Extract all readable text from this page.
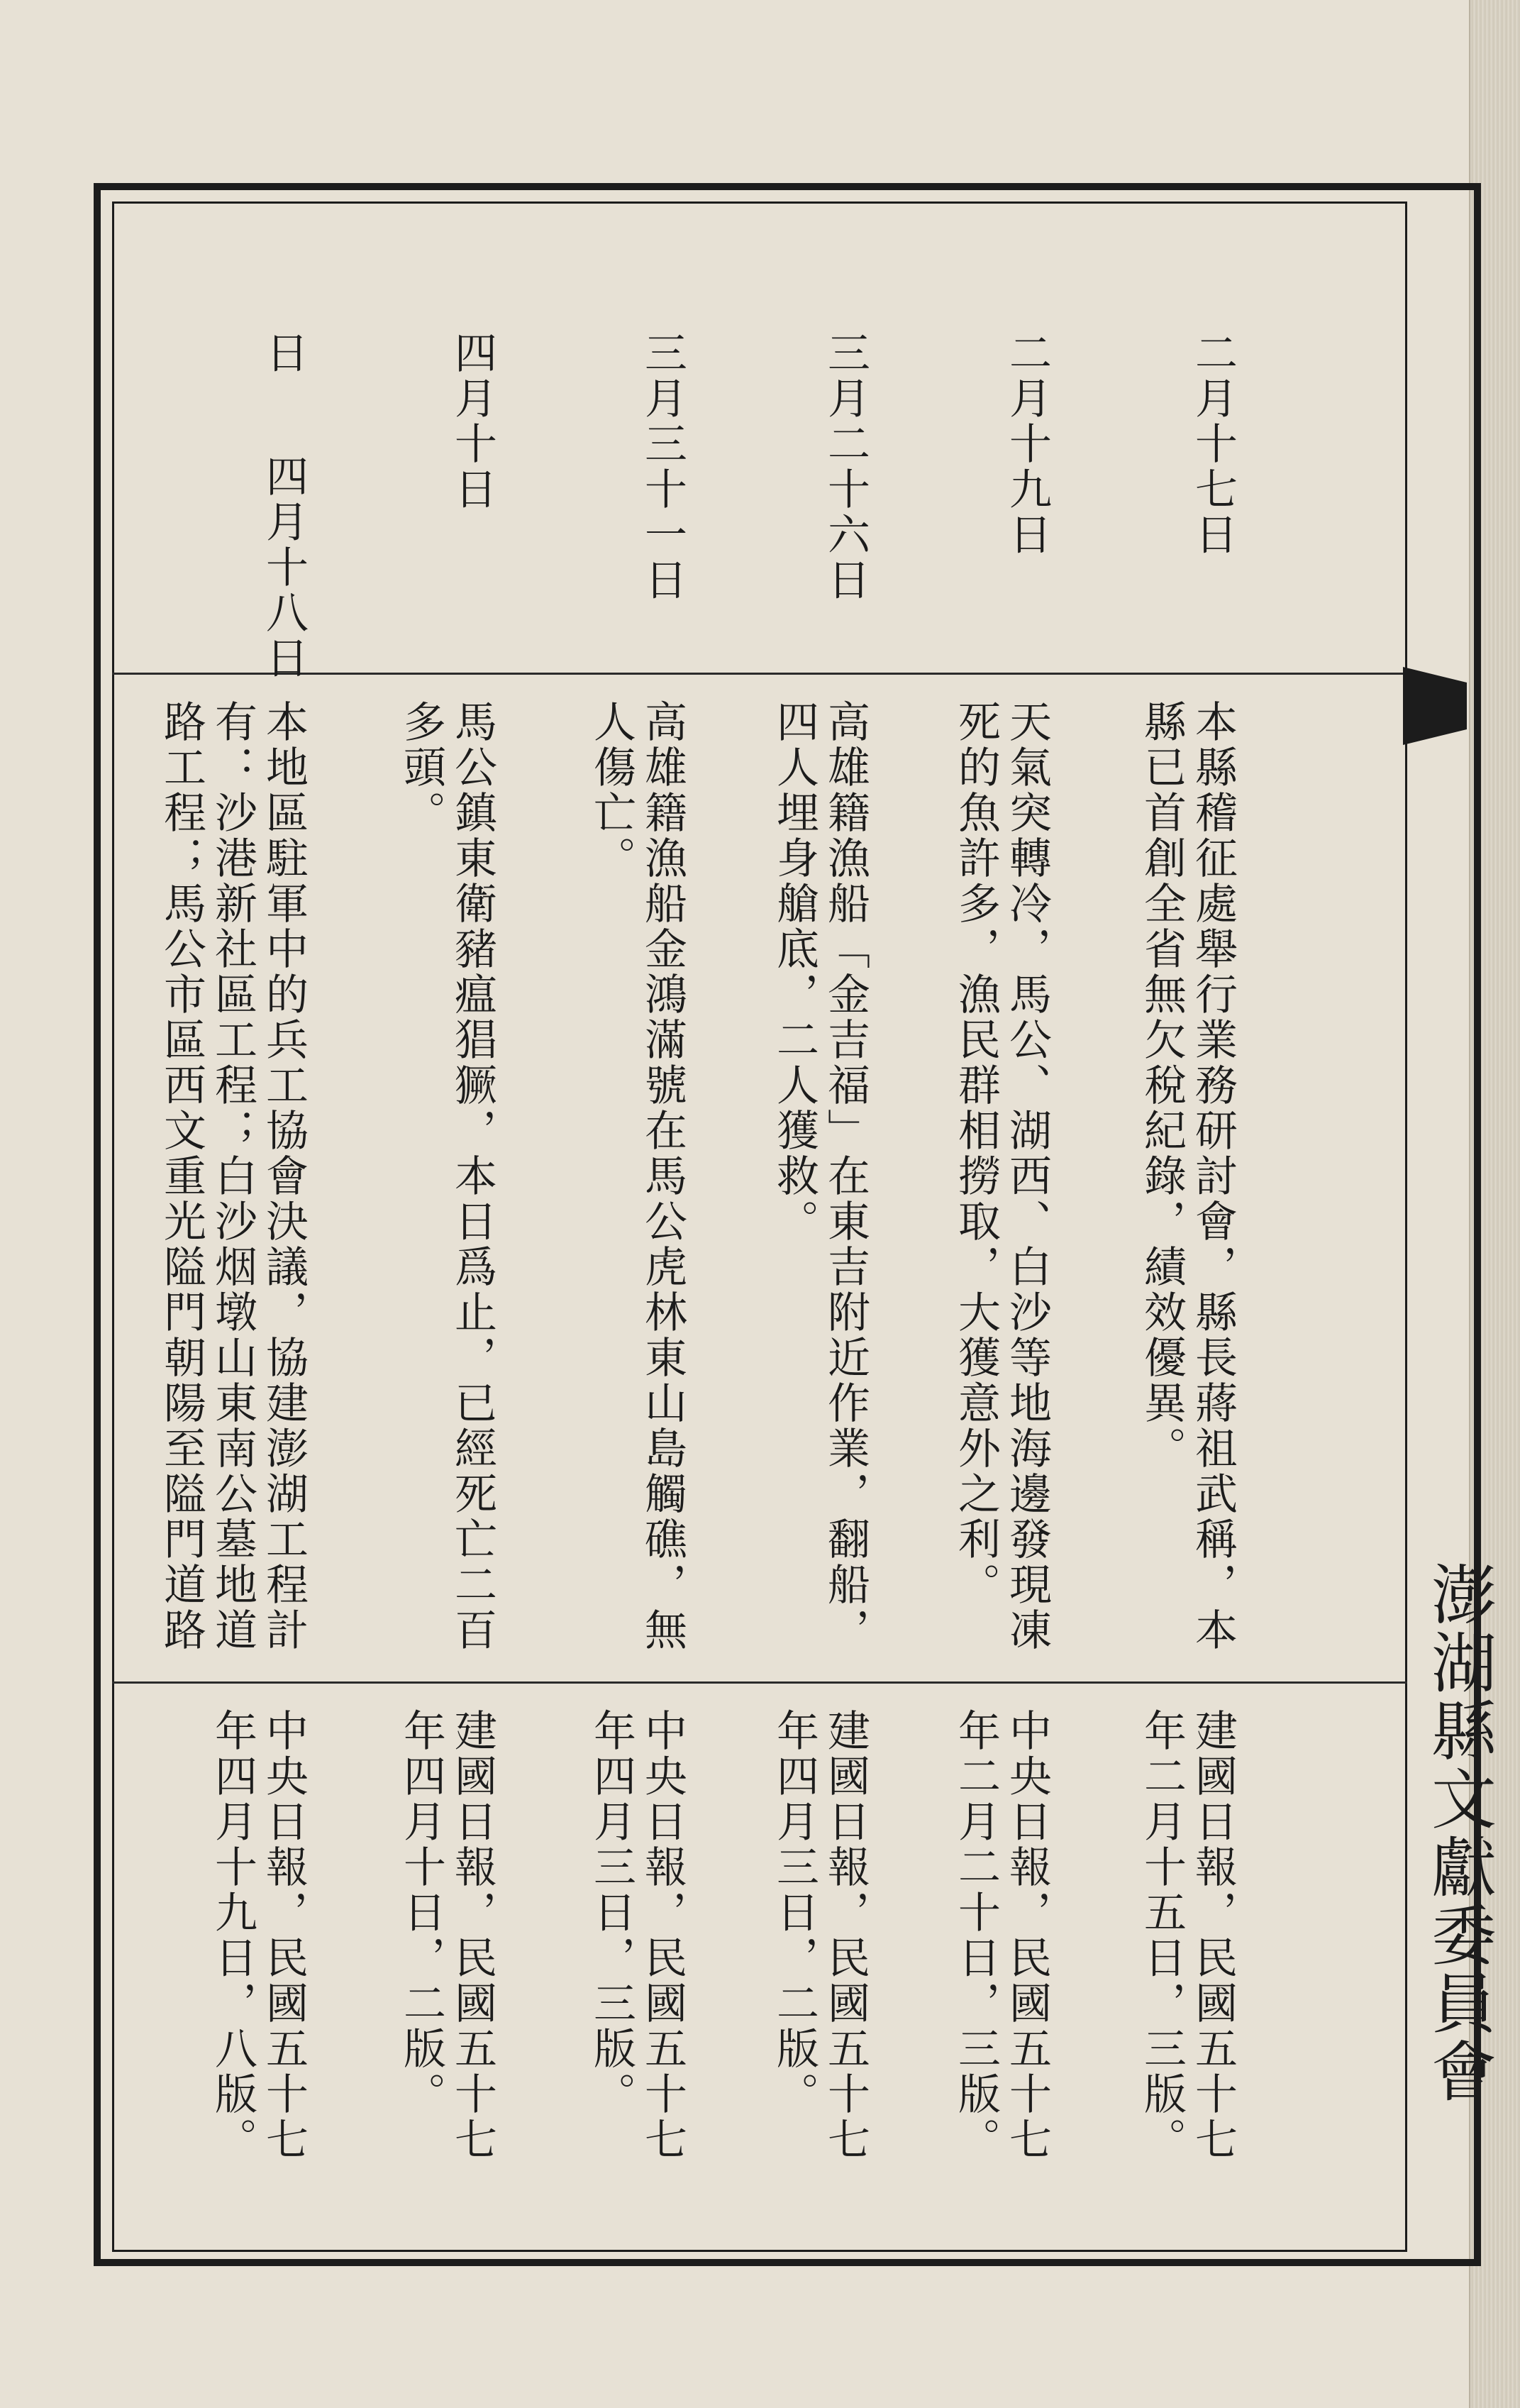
澎湖縣文獻委員會
日	二月十七日
本縣稽征處舉行業務研討會，縣長蔣祖武稱，本
縣已首創全省無欠稅紀錄，績效優異。
建國日報，民國五十七
年二月十五日，三版。
二月十九日
天氣突轉冷，馬公、湖西、白沙等地海邊發現凍
死的魚許多，漁民群相撈取，大獲意外之利。
中央日報，民國五十七
年二月二十日，三版。
三月二十六日
高雄籍漁船「金吉福」在東吉附近作業，翻船，
四人埋身艙底，二人獲救。
建國日報，民國五十七
年四月三日，二版。
三月三十一日
高雄籍漁船金鴻滿號在馬公虎林東山島觸礁，無
人傷亡。
中央日報，民國五十七
年四月三日，三版。
四月十日
馬公鎮東衛豬瘟猖獗，本日爲止，已經死亡二百
多頭。
建國日報，民國五十七
年四月十日，二版。
四月十八日
本地區駐軍中的兵工協會決議，協建澎湖工程計
有：沙港新社區工程；白沙烟墩山東南公墓地道
路工程；馬公市區西文重光隘門朝陽至隘門道路
中央日報，民國五十七
年四月十九日，八版。
